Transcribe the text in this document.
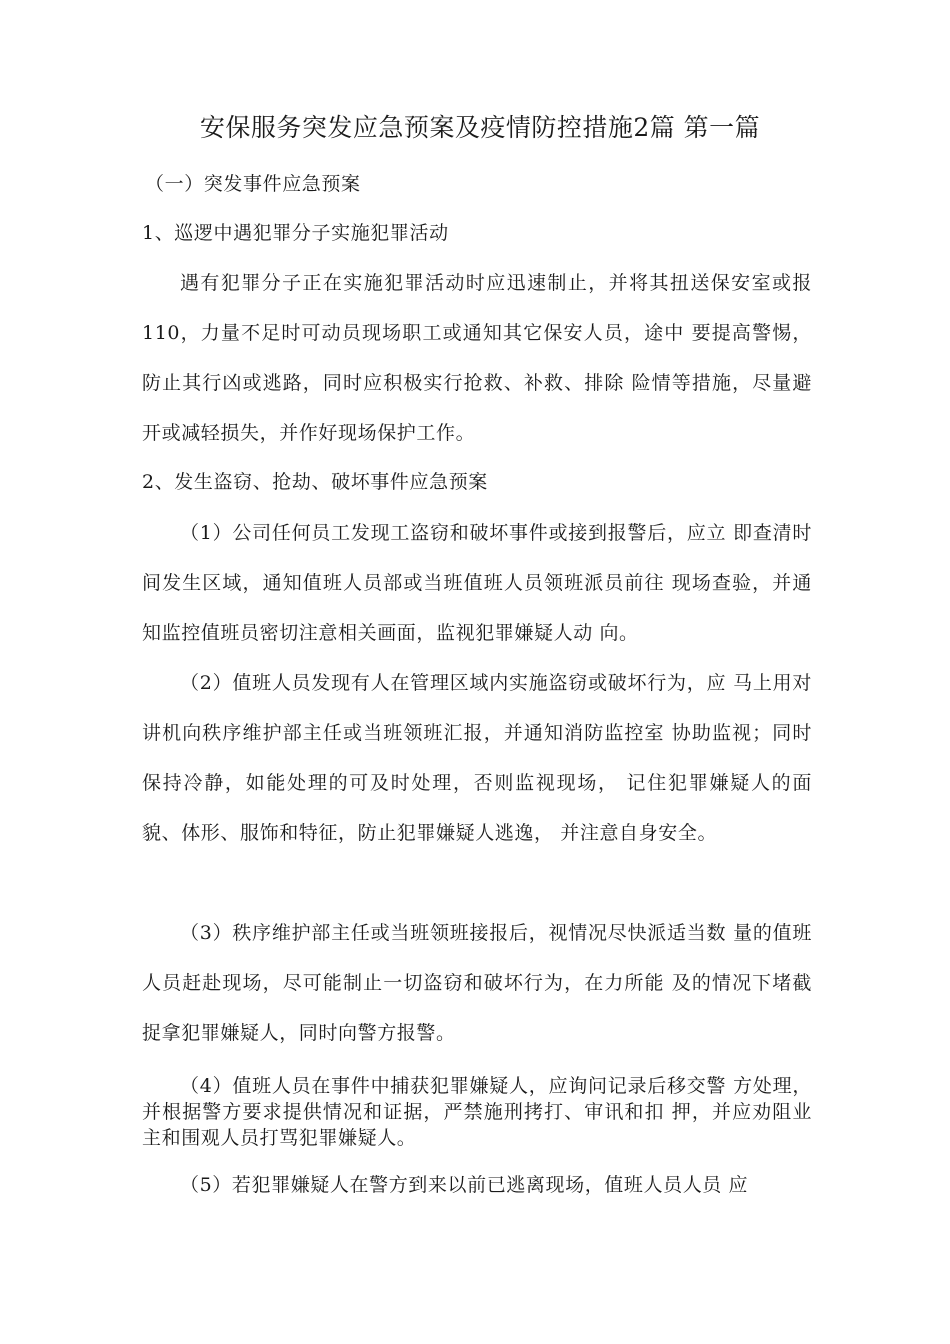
安保服务突发应急预案及疫情防控措施2篇 第一篇
（一）突发事件应急预案
1、巡逻中遇犯罪分子实施犯罪活动
遇有犯罪分子正在实施犯罪活动时应迅速制止，并将其扭送保安室或报110，力量不足时可动员现场职工或通知其它保安人员，途中 要提高警惕，防止其行凶或逃路，同时应积极实行抢救、补救、排除 险情等措施，尽量避开或减轻损失，并作好现场保护工作。
2、发生盗窃、抢劫、破坏事件应急预案
（1）公司任何员工发现工盗窃和破坏事件或接到报警后，应立 即查清时间发生区域，通知值班人员部或当班值班人员领班派员前往 现场查验，并通知监控值班员密切注意相关画面，监视犯罪嫌疑人动 向。
（2）值班人员发现有人在管理区域内实施盗窃或破坏行为，应 马上用对讲机向秩序维护部主任或当班领班汇报，并通知消防监控室 协助监视；同时保持冷静，如能处理的可及时处理，否则监视现场， 记住犯罪嫌疑人的面貌、体形、服饰和特征，防止犯罪嫌疑人逃逸， 并注意自身安全。
（3）秩序维护部主任或当班领班接报后，视情况尽快派适当数 量的值班人员赶赴现场，尽可能制止一切盗窃和破坏行为，在力所能 及的情况下堵截捉拿犯罪嫌疑人，同时向警方报警。
（4）值班人员在事件中捕获犯罪嫌疑人，应询问记录后移交警 方处理，并根据警方要求提供情况和证据，严禁施刑拷打、审讯和扣 押，并应劝阻业主和围观人员打骂犯罪嫌疑人。
（5）若犯罪嫌疑人在警方到来以前已逃离现场，值班人员人员 应
